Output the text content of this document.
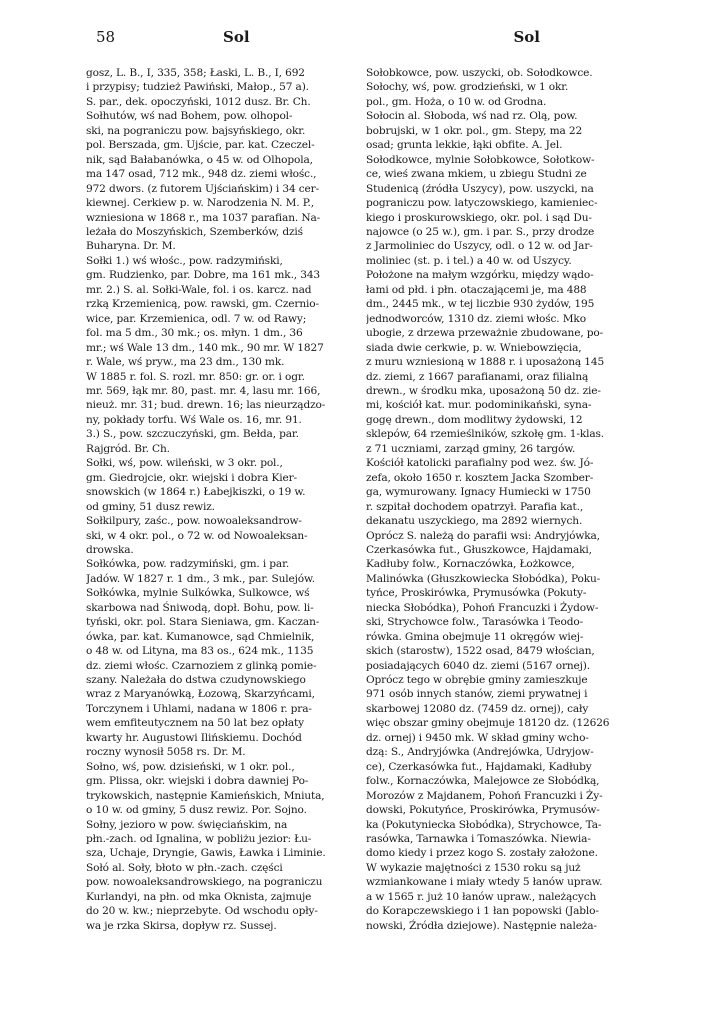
58	Sol	Sol
gosz, L. B., I, 335, 358; Łaski, L. B., I, 692
i przypisy; tudzież Pawiński, Małop., 57 a).
S. par., dek. opoczyński, 1012 dusz. Br. Ch.
Sołhutów, wś nad Bohem, pow. olhopol-
ski, na pograniczu pow. bajsyńskiego, okr.
pol. Berszada, gm. Ujście, par. kat. Czeczel-
nik, sąd Bałabanówka, o 45 w. od Olhopola,
ma 147 osad, 712 mk., 948 dz. ziemi włośc.,
972 dwors. (z futorem Ujściańskim) i 34 cer-
kiewnej. Cerkiew p. w. Narodzenia N. M. P.,
wzniesiona w 1868 r., ma 1037 parafian. Na-
leżała do Moszyńskich, Szemberków, dziś
Buharyna. Dr. M.
Sołki 1.) wś włośc., pow. radzymiński,
gm. Rudzienko, par. Dobre, ma 161 mk., 343
mr. 2.) S. al. Sołki-Wale, fol. i os. karcz. nad
rzką Krzemienicą, pow. rawski, gm. Czernio-
wice, par. Krzemienica, odl. 7 w. od Rawy;
fol. ma 5 dm., 30 mk.; os. młyn. 1 dm., 36
mr.; wś Wale 13 dm., 140 mk., 90 mr. W 1827
r. Wale, wś pryw., ma 23 dm., 130 mk.
W 1885 r. fol. S. rozl. mr. 850: gr. or. i ogr.
mr. 569, łąk mr. 80, past. mr. 4, lasu mr. 166,
nieuż. mr. 31; bud. drewn. 16; las nieurządzo-
ny, pokłady torfu. Wś Wale os. 16, mr. 91.
3.) S., pow. szczuczyński, gm. Bełda, par.
Rajgród. Br. Ch.
Sołki, wś, pow. wileński, w 3 okr. pol.,
gm. Giedrojcie, okr. wiejski i dobra Kier-
snowskich (w 1864 r.) Łabejkiszki, o 19 w.
od gminy, 51 dusz rewiz.
Sołkilpury, zaśc., pow. nowoaleksandrow-
ski, w 4 okr. pol., o 72 w. od Nowoaleksan-
drowska.
Sołkówka, pow. radzymiński, gm. i par.
Jadów. W 1827 r. 1 dm., 3 mk., par. Sulejów.
Sołkówka, mylnie Sulkówka, Sulkowce, wś
skarbowa nad Śniwodą, dopł. Bohu, pow. li-
tyński, okr. pol. Stara Sieniawa, gm. Kaczan-
ówka, par. kat. Kumanowce, sąd Chmielnik,
o 48 w. od Lityna, ma 83 os., 624 mk., 1135
dz. ziemi włośc. Czarnoziem z glinką pomie-
szany. Należała do dstwa czudynowskiego
wraz z Maryanówką, Łozową, Skarzyńcami,
Torczynem i Uhlami, nadana w 1806 r. pra-
wem emfiteutycznem na 50 lat bez opłaty
kwarty hr. Augustowi Ilińskiemu. Dochód
roczny wynosił 5058 rs. Dr. M.
Sołno, wś, pow. dzisieński, w 1 okr. pol.,
gm. Plissa, okr. wiejski i dobra dawniej Po-
trykowskich, następnie Kamieńskich, Mniuta,
o 10 w. od gminy, 5 dusz rewiz. Por. Sojno.
Sołny, jezioro w pow. święciańskim, na
płn.-zach. od Ignalina, w pobliżu jezior: Łu-
sza, Uchaje, Dryngie, Gawis, Ławka i Liminie.
Sołó al. Soły, błoto w płn.-zach. części
pow. nowoaleksandrowskiego, na pograniczu
Kurlandyi, na płn. od mka Oknista, zajmuje
do 20 w. kw.; nieprzebyte. Od wschodu opły-
wa je rzka Skirsa, dopływ rz. Sussej.
Sołobkowce, pow. uszycki, ob. Sołodkowce.
Sołochy, wś, pow. grodzieński, w 1 okr.
pol., gm. Hoża, o 10 w. od Grodna.
Sołocin al. Słoboda, wś nad rz. Olą, pow.
bobrujski, w 1 okr. pol., gm. Stepy, ma 22
osad; grunta lekkie, łąki obfite. A. Jel.
Sołodkowce, mylnie Sołobkowce, Sołotkow-
ce, wieś zwana mkiem, u zbiegu Studni ze
Studenicą (źródła Uszycy), pow. uszycki, na
pograniczu pow. latyczowskiego, kamieniec-
kiego i proskurowskiego, okr. pol. i sąd Du-
najowce (o 25 w.), gm. i par. S., przy drodze
z Jarmoliniec do Uszycy, odl. o 12 w. od Jar-
moliniec (st. p. i tel.) a 40 w. od Uszycy.
Położone na małym wzgórku, między wądo-
łami od płd. i płn. otaczającemi je, ma 488
dm., 2445 mk., w tej liczbie 930 żydów, 195
jednodworców, 1310 dz. ziemi włośc. Mko
ubogie, z drzewa przeważnie zbudowane, po-
siada dwie cerkwie, p. w. Wniebowzięcia,
z muru wzniesioną w 1888 r. i uposażoną 145
dz. ziemi, z 1667 parafianami, oraz filialną
drewn., w środku mka, uposażoną 50 dz. zie-
mi, kościół kat. mur. podominikański, syna-
gogę drewn., dom modlitwy żydowski, 12
sklepów, 64 rzemieślników, szkołę gm. 1-klas.
z 71 uczniami, zarząd gminy, 26 targów.
Kościół katolicki parafialny pod wez. św. Jó-
zefa, około 1650 r. kosztem Jacka Szomber-
ga, wymurowany. Ignacy Humiecki w 1750
r. szpitał dochodem opatrzył. Parafia kat.,
dekanatu uszyckiego, ma 2892 wiernych.
Oprócz S. należą do parafii wsi: Andryjówka,
Czerkasówka fut., Głuszkowce, Hajdamaki,
Kadłuby folw., Kornaczówka, Łożkowce,
Malinówka (Głuszkowiecka Słobódka), Poku-
tyńce, Proskirówka, Prymusówka (Pokuty-
niecka Słobódka), Pohoń Francuzki i Żydow-
ski, Strychowce folw., Tarasówka i Teodo-
rówka. Gmina obejmuje 11 okręgów wiej-
skich (starostw), 1522 osad, 8479 włościan,
posiadających 6040 dz. ziemi (5167 ornej).
Oprócz tego w obrębie gminy zamieszkuje
971 osób innych stanów, ziemi prywatnej i
skarbowej 12080 dz. (7459 dz. ornej), cały
więc obszar gminy obejmuje 18120 dz. (12626
dz. ornej) i 9450 mk. W skład gminy wcho-
dzą: S., Andryjówka (Andrejówka, Udryjow-
ce), Czerkasówka fut., Hajdamaki, Kadłuby
folw., Kornaczówka, Malejowce ze Słobódką,
Morozów z Majdanem, Pohoń Francuzki i Ży-
dowski, Pokutyńce, Proskirówka, Prymusów-
ka (Pokutyniecka Słobódka), Strychowce, Ta-
rasówka, Tarnawka i Tomaszówka. Niewia-
domo kiedy i przez kogo S. zostały założone.
W wykazie majętności z 1530 roku są już
wzmiankowane i miały wtedy 5 łanów upraw.
a w 1565 r. już 10 łanów upraw., należących
do Korapczewskiego i 1 łan popowski (Jablo-
nowski, Źródła dziejowe). Następnie należa-
